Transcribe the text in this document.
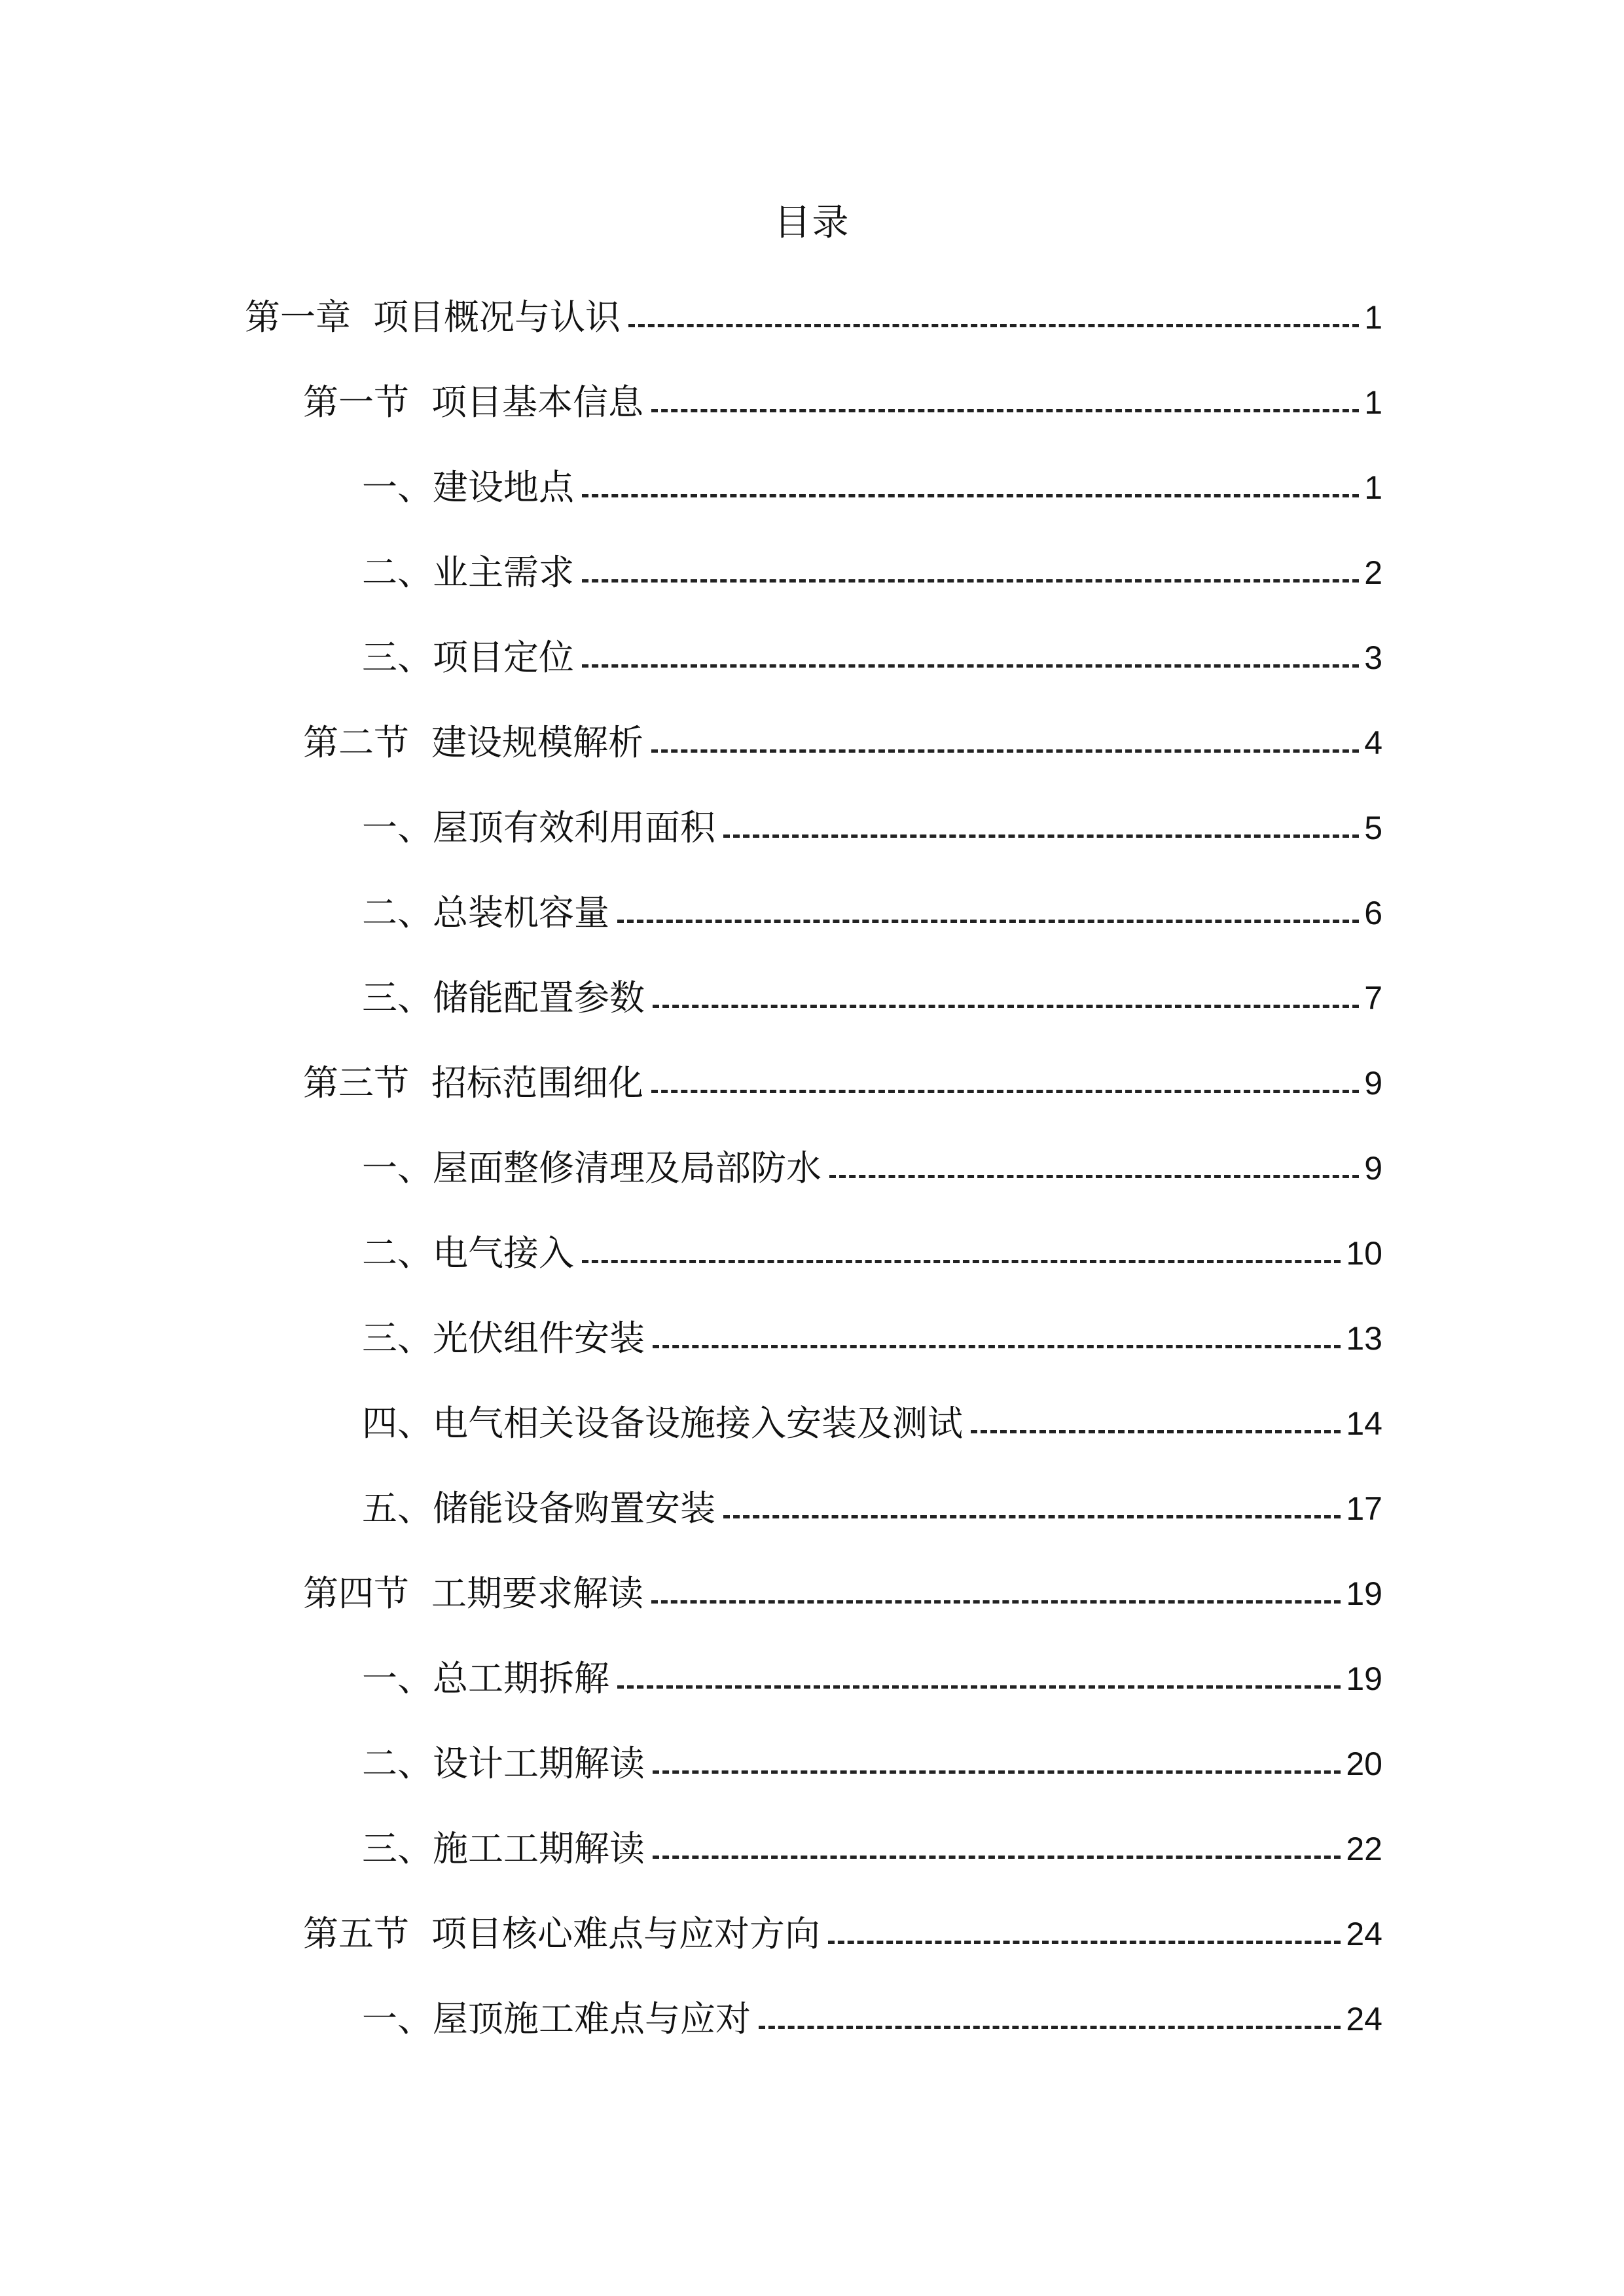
目录
第一章 项目概况与认识	1
第一节 项目基本信息	1
一、 建设地点	1
二、 业主需求	2
三、 项目定位	3
第二节 建设规模解析	4
一、 屋顶有效利用面积	5
二、 总装机容量	6
三、 储能配置参数	7
第三节 招标范围细化	9
一、 屋面整修清理及局部防水	9
二、 电气接入	10
三、 光伏组件安装	13
四、 电气相关设备设施接入安装及测试	14
五、 储能设备购置安装	17
第四节 工期要求解读	19
一、 总工期拆解	19
二、 设计工期解读	20
三、 施工工期解读	22
第五节 项目核心难点与应对方向	24
一、 屋顶施工难点与应对	24
